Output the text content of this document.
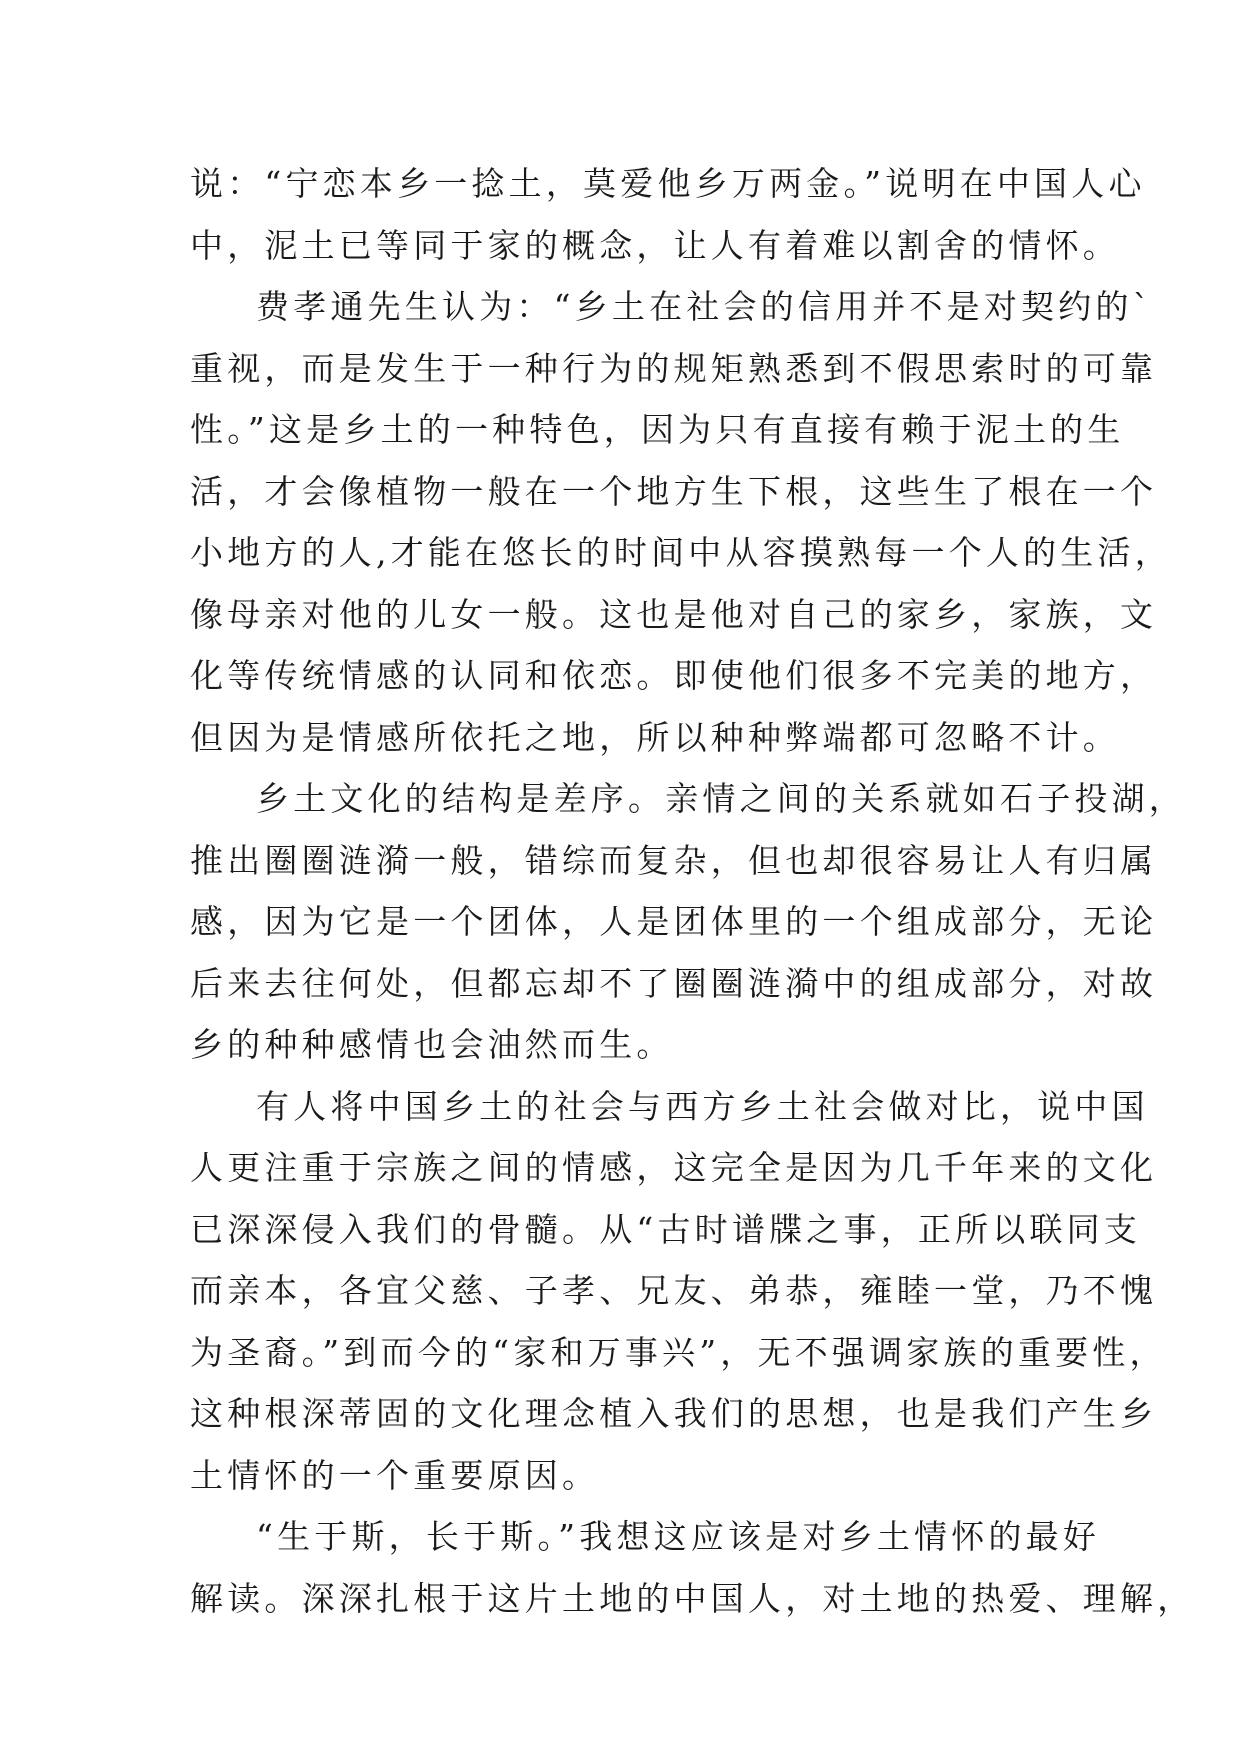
说：“宁恋本乡一捻土，莫爱他乡万两金。”说明在中国人心
中，泥土已等同于家的概念，让人有着难以割舍的情怀。
费孝通先生认为：“乡土在社会的信用并不是对契约的`
重视，而是发生于一种行为的规矩熟悉到不假思索时的可靠
性。”这是乡土的一种特色，因为只有直接有赖于泥土的生
活，才会像植物一般在一个地方生下根，这些生了根在一个
小地方的人,才能在悠长的时间中从容摸熟每一个人的生活，
像母亲对他的儿女一般。这也是他对自己的家乡，家族，文
化等传统情感的认同和依恋。即使他们很多不完美的地方，
但因为是情感所依托之地，所以种种弊端都可忽略不计。
乡土文化的结构是差序。亲情之间的关系就如石子投湖，
推出圈圈涟漪一般，错综而复杂，但也却很容易让人有归属
感，因为它是一个团体，人是团体里的一个组成部分，无论
后来去往何处，但都忘却不了圈圈涟漪中的组成部分，对故
乡的种种感情也会油然而生。
有人将中国乡土的社会与西方乡土社会做对比，说中国
人更注重于宗族之间的情感，这完全是因为几千年来的文化
已深深侵入我们的骨髓。从“古时谱牒之事，正所以联同支
而亲本，各宜父慈、子孝、兄友、弟恭，雍睦一堂，乃不愧
为圣裔。”到而今的“家和万事兴”，无不强调家族的重要性，
这种根深蒂固的文化理念植入我们的思想，也是我们产生乡
土情怀的一个重要原因。
“生于斯，长于斯。”我想这应该是对乡土情怀的最好
解读。深深扎根于这片土地的中国人，对土地的热爱、理解，
